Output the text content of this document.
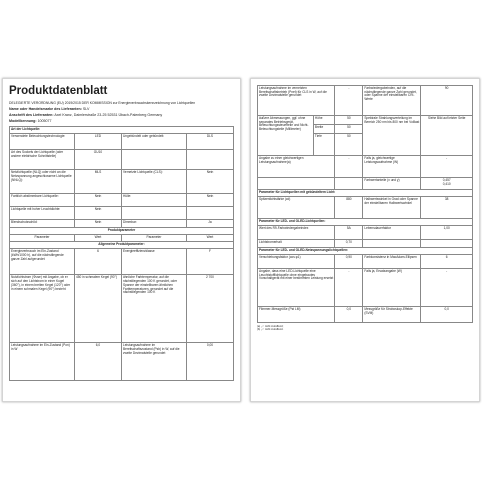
Produktdatenblatt
DELEGIERTE VERORDNUNG (EU) 2019/2015 DER KOMMISSION zur Energieverbrauchskennzeichnung von Lichtquellen
Name oder Handelsmarke des Lieferanten: SLV
Anschrift des Lieferanten: Axel Kranz, Daimlerstraße 23-25 52531 Übach-Palenberg Germany
Modellkennung: 1005077
Art der Lichtquelle:			
Verwendete Beleuchtungstechnologie:	LED	Ungebündelt oder gebündelt:	DLS
Art des Sockels der Lichtquelle (oder andere elektrische Schnittstelle)	GU10		
Netzlichtquelle (NLQ) oder nicht an die Netzspannung angeschlossene Lichtquelle (NNLQ):	MLS	Vernetzte Lichtquelle (CLS):	Nein
Farblich abstimmbare Lichtquelle:	Nein	Hülle:	Nein
Lichtquelle mit hoher Leuchtdichte:	Nein		
Blendschutzschild:	Nein	Dimmbar:	Ja
Produktparameter			
Parameter	Wert	Parameter	Wert
Allgemeine Produktparameter:			
Energieverbrauch im Ein-Zustand (kWh/1000 h), auf die nächstliegende ganze Zahl aufgerundet	6	Energieeffizienzklasse	F
Nutzlichtstrom (Φuse) mit Angabe, ob er sich auf den Lichtstrom in einer Kugel (360°), in einem breiten Kegel (120°) oder in einem schmalen Kegel (90°) bezieht	450 in schmalem Kegel (90°)	ähnliche Farbtemperatur, auf die nächstliegenden 100 K gerundet, oder Spanne der einstellbaren ähnlichen Farbtemperaturen, gerundet auf die nächstliegenden 100 K	2 700
Leistungsaufnahme im Ein-Zustand (Pon) in W	6,0	Leistungsaufnahme im Bereitschaftszustand (Psb) in W, auf die zweite Dezimalstelle gerundet	0,00
Leistungsaufnahme im vernetzten Bereitschaftsbetrieb (Pnet) für CLS in W, auf die zweite Dezimalstelle gerundet		-	Farbwiedergabeindex, auf die nächstliegende ganze Zahl gerundet, oder Spanne der einstellbaren CRI-Werte	90
äußere Abmessungen, ggf. ohne separates Betriebsgerät, Beleuchtungssteuerteile und Nicht-Beleuchtungsteile (Millimeter)	Höhe	50	Spektrale Strahlungsverteilung im Bereich 250 nm bis 800 nm bei Volllast	Siehe Bild auf letzter Seite
	Breite	50		
	Tiefe	50		
Angabe zu einer gleichwertigen Leistungsaufnahme(a)		-	Falls ja, gleichwertige Leistungsaufnahme (W)	-
			Farbwertanteile (x und y)	0,457
0,410
Parameter für Lichtquellen mit gebündeltem Licht:				
Spitzenlichtstärke (cd)		880	Halbwertswinkel in Grad oder Spanne der einstellbaren Halbwertswinkel	38
Parameter für LED- und OLED-Lichtquellen:				
Wert des R9-Farbwiedergabeindex		5A	Lebensdauerfaktor	1,00
Lichtstromerhalt		0,70		
Parameter für LED- und OLED-Netzspannungslichtquellen:				
Verschiebungsfaktor (cos φ1)		0,90	Farbkonsistenz in MacAdam-Ellipsen	6
Angabe, dass eine LED-Lichtquelle eine Leuchtstofflichtquelle ohne eingebautes Vorschaltgerät mit einer bestimmten Leistung ersetzt		-	Falls ja, Ersatzangabe (W)	-
Flimmer-Messgröße (Pst LM)		0,0	Messgröße für Stroboskop-Effekte (SVM)	0,0
(a) „-“: nicht zutreffend;
(b) „-“: nicht zutreffend.
